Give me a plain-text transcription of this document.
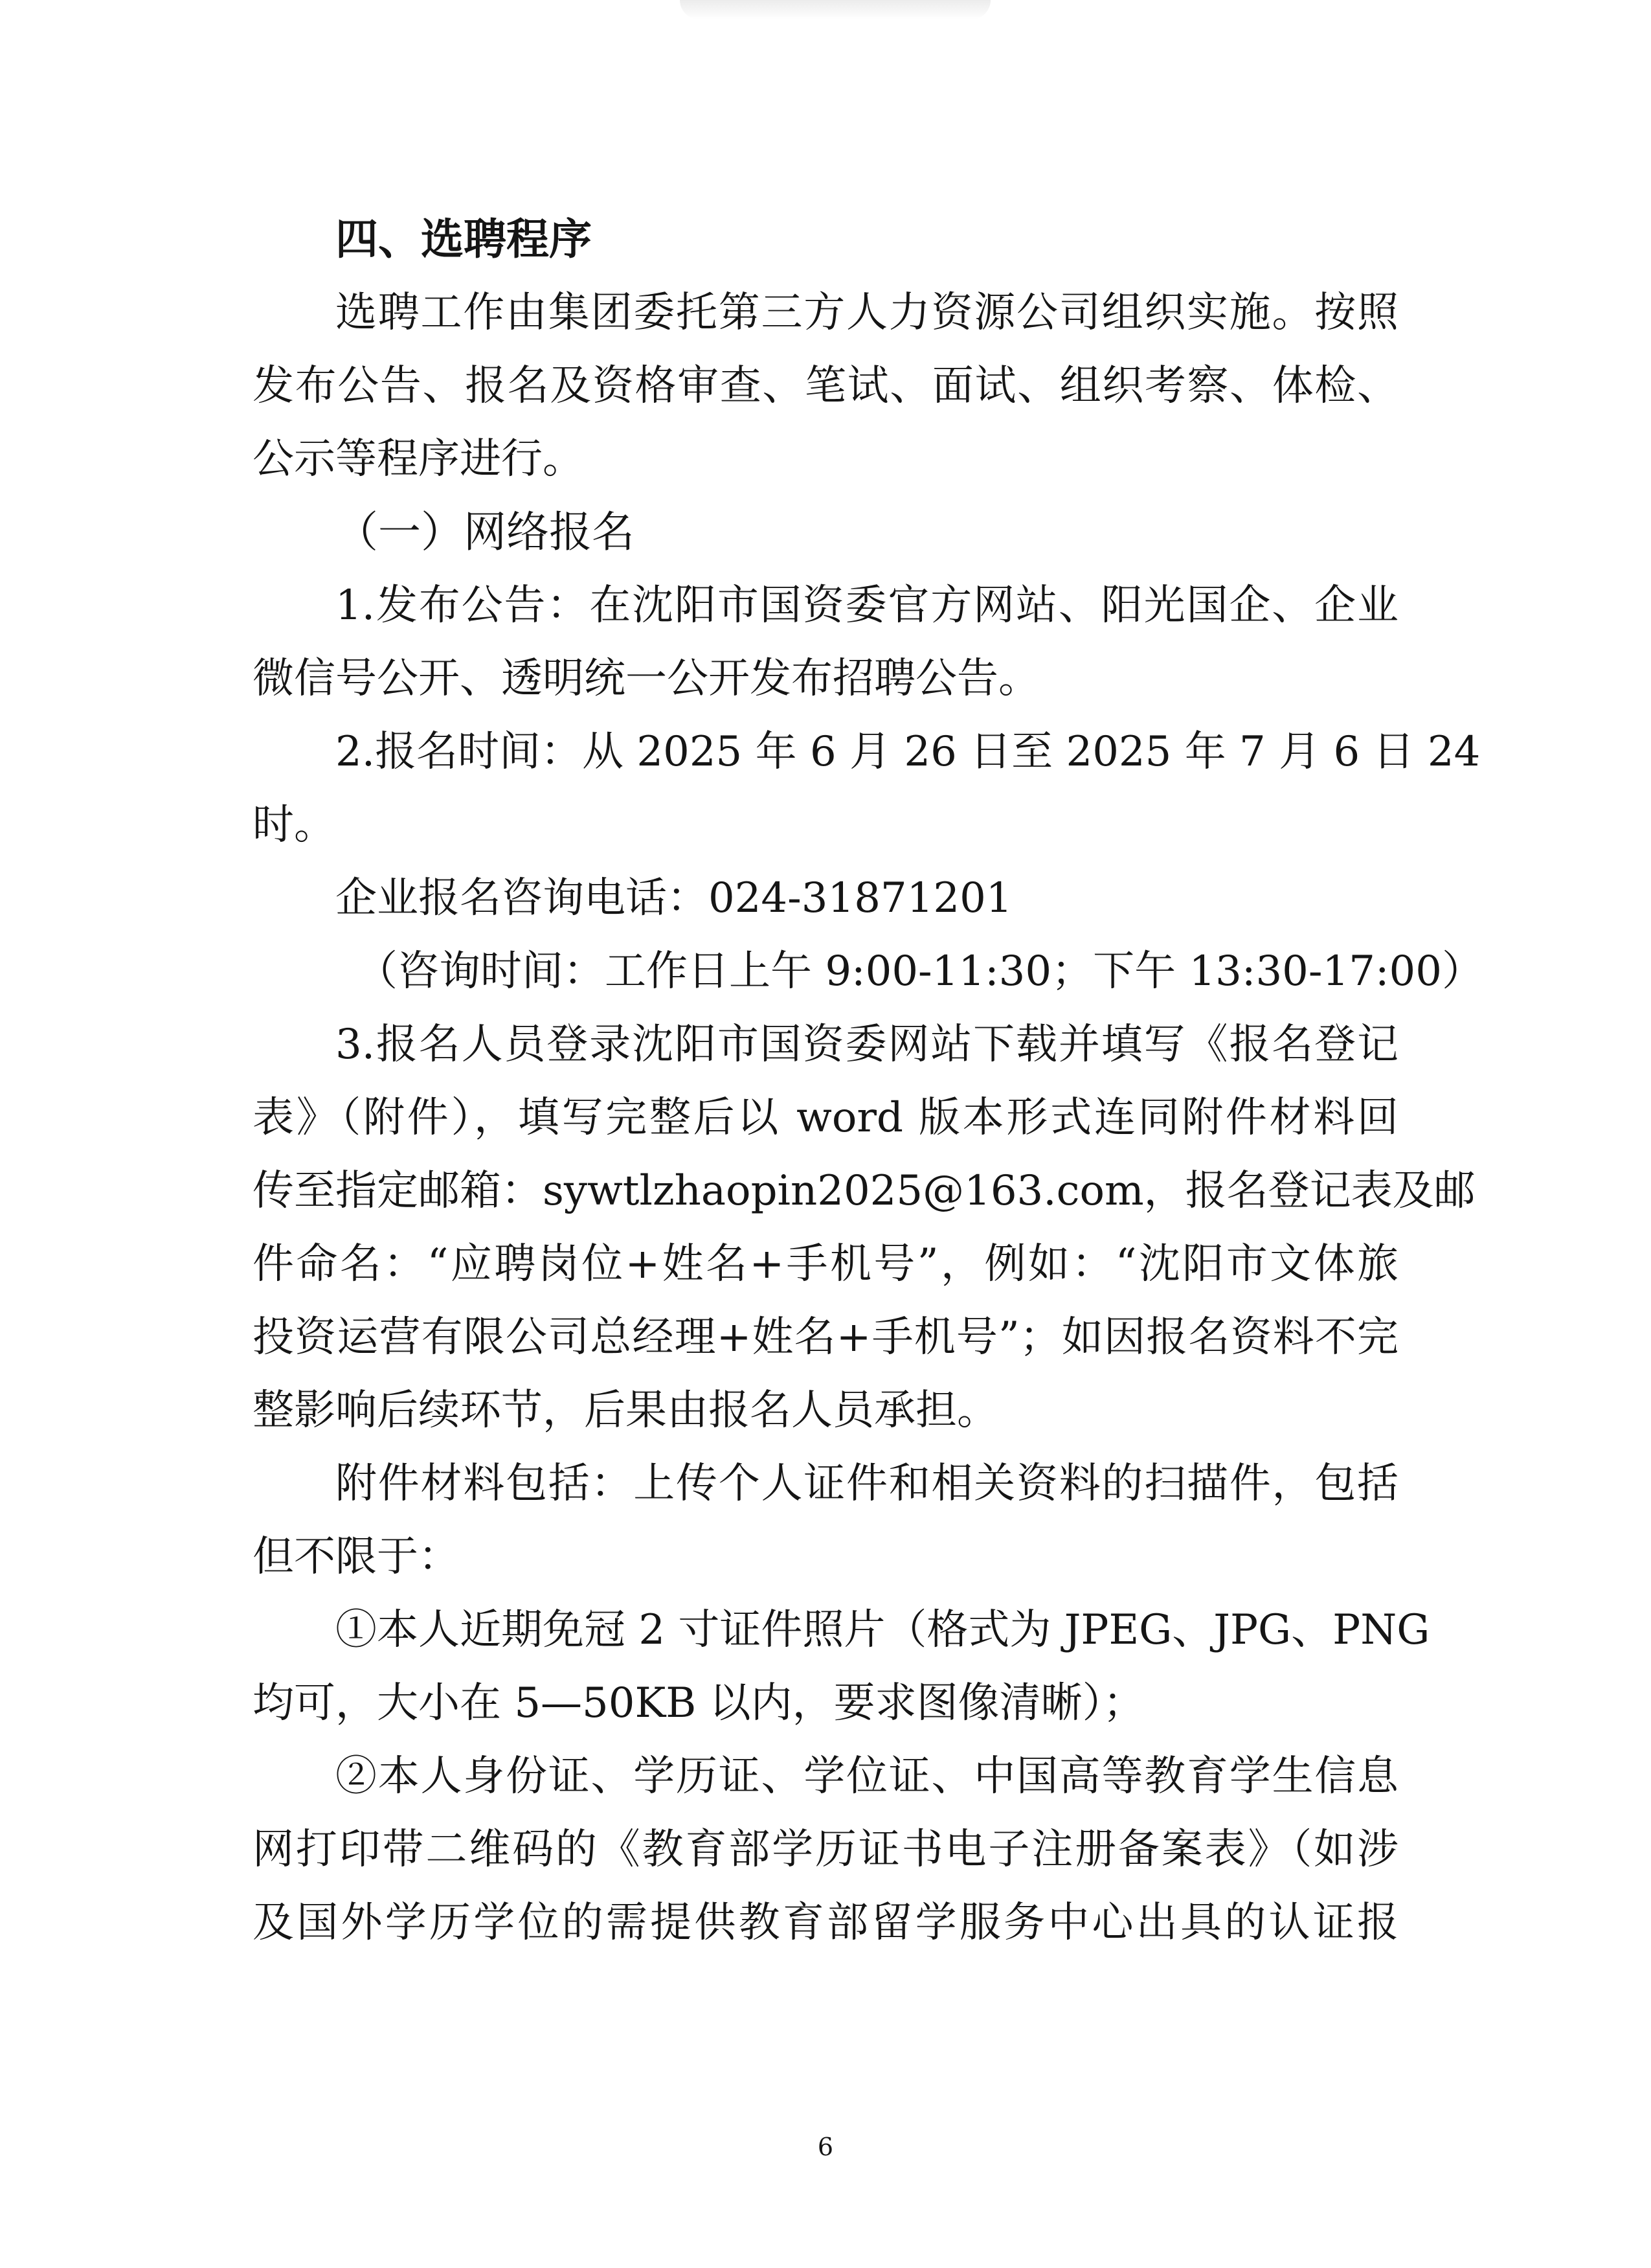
四、选聘程序
选聘工作由集团委托第三方人力资源公司组织实施。按照
发布公告、报名及资格审查、笔试、面试、组织考察、体检、
公示等程序进行。
（一）网络报名
1.发布公告：在沈阳市国资委官方网站、阳光国企、企业
微信号公开、透明统一公开发布招聘公告。
2.报名时间：从 2025 年 6 月 26 日至 2025 年 7 月 6 日 24
时。
企业报名咨询电话：024-31871201
（咨询时间：工作日上午 9:00-11:30；下午 13:30-17:00）
3.报名人员登录沈阳市国资委网站下载并填写《报名登记
表》（附件），填写完整后以 word 版本形式连同附件材料回
传至指定邮箱：sywtlzhaopin2025@163.com，报名登记表及邮
件命名：“应聘岗位+姓名+手机号”，例如：“沈阳市文体旅
投资运营有限公司总经理+姓名+手机号”；如因报名资料不完
整影响后续环节，后果由报名人员承担。
附件材料包括：上传个人证件和相关资料的扫描件，包括
但不限于：
①本人近期免冠 2 寸证件照片（格式为 JPEG、JPG、PNG
均可，大小在 5—50KB 以内，要求图像清晰）；
②本人身份证、学历证、学位证、中国高等教育学生信息
网打印带二维码的《教育部学历证书电子注册备案表》（如涉
及国外学历学位的需提供教育部留学服务中心出具的认证报
6
